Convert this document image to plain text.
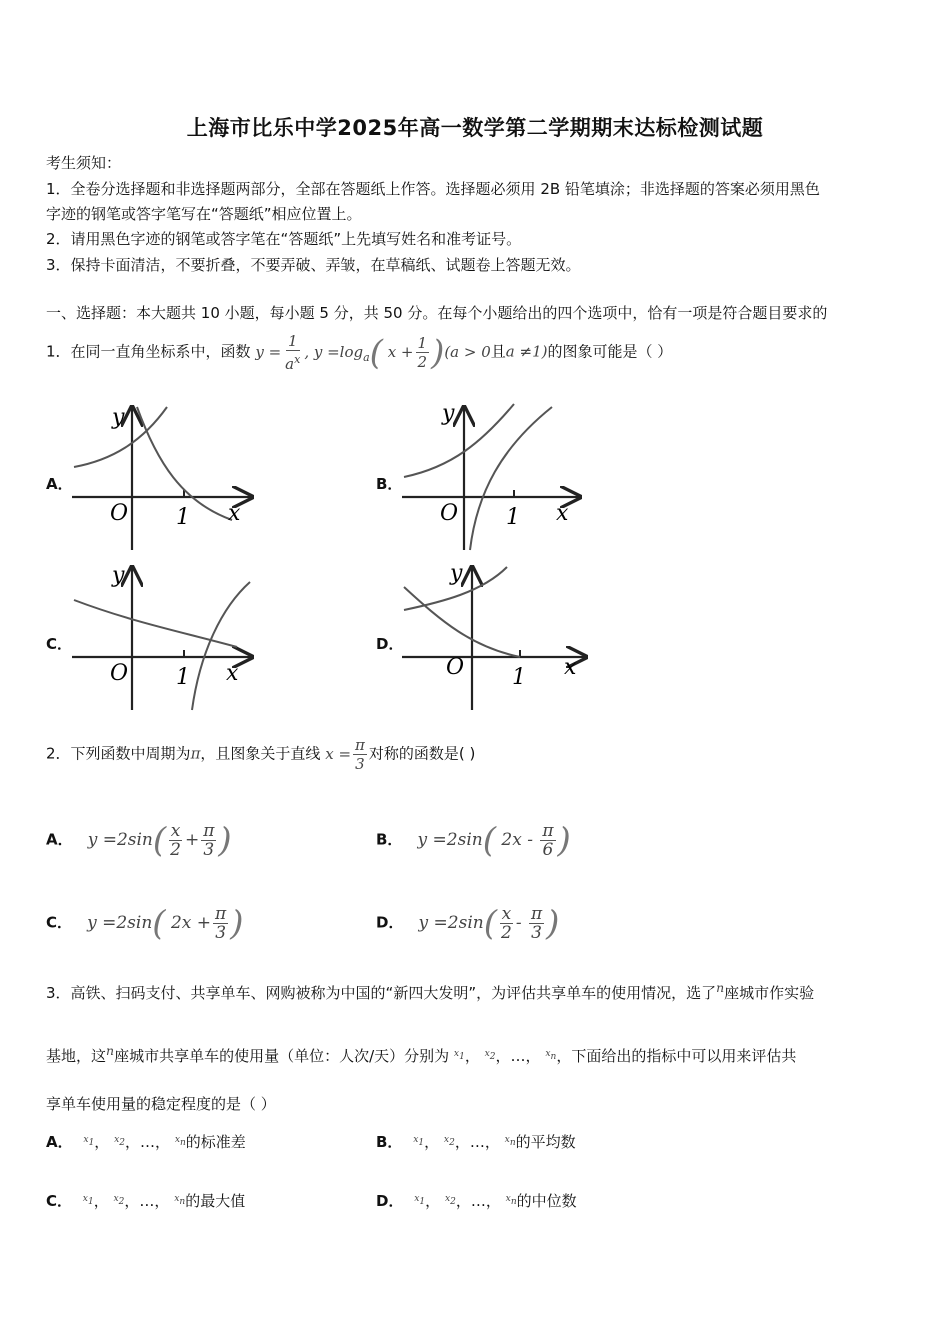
上海市比乐中学2025年高一数学第二学期期末达标检测试题
考生须知：
1．全卷分选择题和非选择题两部分，全部在答题纸上作答。选择题必须用 2B 铅笔填涂；非选择题的答案必须用黑色
字迹的钢笔或答字笔写在“答题纸”相应位置上。
2．请用黑色字迹的钢笔或答字笔在“答题纸”上先填写姓名和准考证号。
3．保持卡面清洁，不要折叠，不要弄破、弄皱，在草稿纸、试题卷上答题无效。
一、选择题：本大题共 10 小题，每小题 5 分，共 50 分。在每个小题给出的四个选项中，恰有一项是符合题目要求的
1．在同一直角坐标系中，函数 $y = \frac{1}{a^x}$ , $y =\log_a$( $x + \frac{1}{2} )(a > 0$且a ≠1)的图象可能是（ ）
A．
y
O 1 x
B．
y
O 1 x
C．
y
O 1 x
D．
y
O 1 x
2．下列函数中周期为π，且图象关于直线 $x = \frac{\pi}{3}$ 对称的函数是( )
A． $y =2\sin( \frac{x}{2} + \frac{\pi}{3}$ )	B． y =2sin( $2x - \frac{\pi}{6}$ )
C． y =2sin( $2x + \frac{\pi}{3}$ )	D． $y =2\sin( \frac{x}{2} - \frac{\pi}{3}$ )
3．高铁、扫码支付、共享单车、网购被称为中国的“新四大发明”，为评估共享单车的使用情况，选了$^n$座城市作实验
基地，这$^n$座城市共享单车的使用量（单位：人次/天）分别为 $^{x1}$， $^{x2}$，…， $^{xn}$，下面给出的指标中可以用来评估共
享单车使用量的稳定程度的是（ ）
A． $^{x1}$， $^{x2}$，…， $^{xn}$的标准差	B． $^{x1}$， $^{x2}$，…， $^{xn}$的平均数
C． $^{x1}$， $^{x2}$，…， $^{xn}$的最大值	D． $^{x1}$， $^{x2}$，…， $^{xn}$的中位数
